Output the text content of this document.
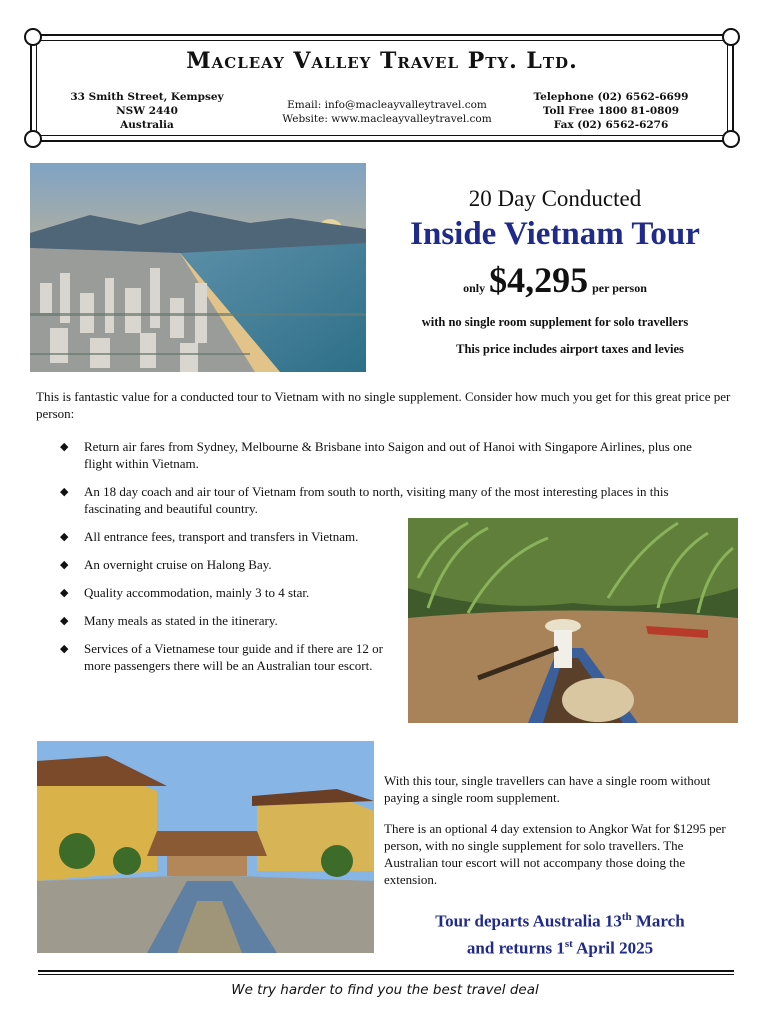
Macleay Valley Travel Pty. Ltd.
33 Smith Street, Kempsey
NSW 2440
Australia
Email: info@macleayvalleytravel.com
Website: www.macleayvalleytravel.com
Telephone (02) 6562-6699
Toll Free 1800 81-0809
Fax (02) 6562-6276
20 Day Conducted
Inside Vietnam Tour
only $4,295 per person
with no single room supplement for solo travellers
This price includes airport taxes and levies
This is fantastic value for a conducted tour to Vietnam with no single supplement. Consider how much you get for this great price per person:
◆ Return air fares from Sydney, Melbourne & Brisbane into Saigon and out of Hanoi with Singapore Airlines, plus one flight within Vietnam.
◆ An 18 day coach and air tour of Vietnam from south to north, visiting many of the most interesting places in this fascinating and beautiful country.
◆ All entrance fees, transport and transfers in Vietnam.
◆ An overnight cruise on Halong Bay.
◆ Quality accommodation, mainly 3 to 4 star.
◆ Many meals as stated in the itinerary.
◆ Services of a Vietnamese tour guide and if there are 12 or more passengers there will be an Australian tour escort.

With this tour, single travellers can have a single room without paying a single room supplement.

There is an optional 4 day extension to Angkor Wat for $1295 per person, with no single supplement for solo travellers. The Australian tour escort will not accompany those doing the extension.

Tour departs Australia 13th March
and returns 1st April 2025
We try harder to find you the best travel deal
